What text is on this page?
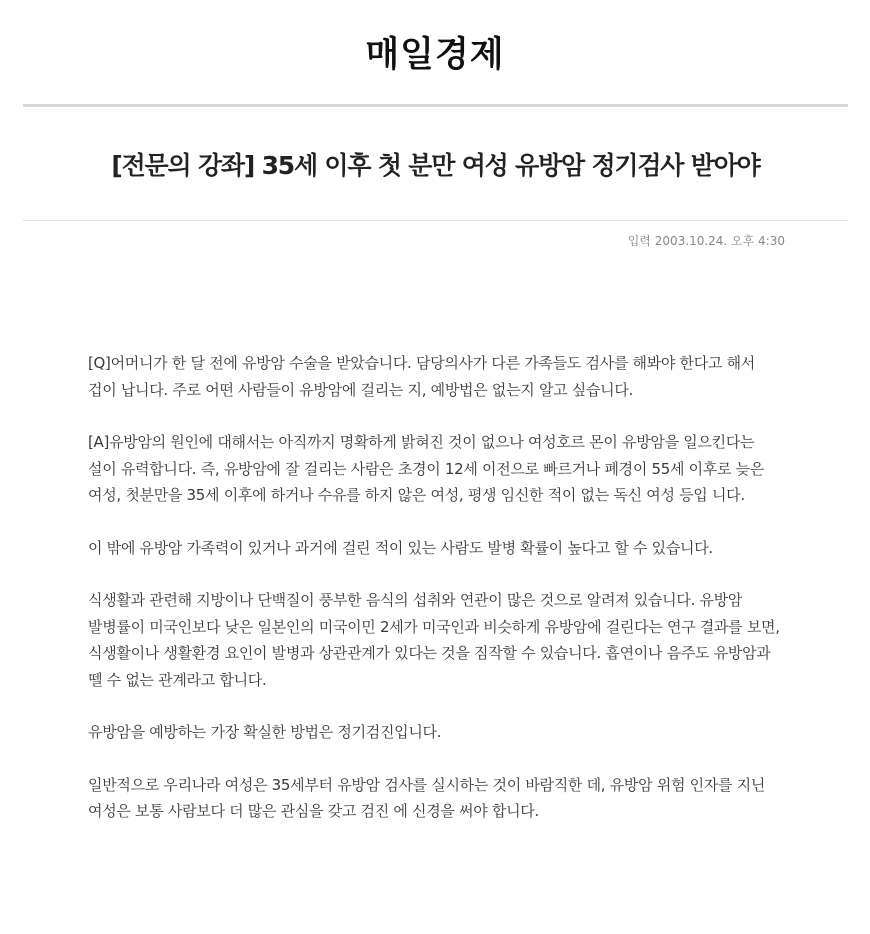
매일경제
[전문의 강좌] 35세 이후 첫 분만 여성 유방암 정기검사 받아야
입력 2003.10.24. 오후 4:30

[Q]어머니가 한 달 전에 유방암 수술을 받았습니다. 담당의사가 다른 가족들도 검사를 해봐야 한다고 해서 겁이 납니다. 주로 어떤 사람들이 유방암에 걸리는 지, 예방법은 없는지 알고 싶습니다.

[A]유방암의 원인에 대해서는 아직까지 명확하게 밝혀진 것이 없으나 여성호르 몬이 유방암을 일으킨다는 설이 유력합니다. 즉, 유방암에 잘 걸리는 사람은 초경이 12세 이전으로 빠르거나 폐경이 55세 이후로 늦은 여성, 첫분만을 35세 이후에 하거나 수유를 하지 않은 여성, 평생 임신한 적이 없는 독신 여성 등입 니다.

이 밖에 유방암 가족력이 있거나 과거에 걸린 적이 있는 사람도 발병 확률이 높다고 할 수 있습니다.

식생활과 관련해 지방이나 단백질이 풍부한 음식의 섭취와 연관이 많은 것으로 알려져 있습니다. 유방암 발병률이 미국인보다 낮은 일본인의 미국이민 2세가 미국인과 비슷하게 유방암에 걸린다는 연구 결과를 보면, 식생활이나 생활환경 요인이 발병과 상관관계가 있다는 것을 짐작할 수 있습니다. 흡연이나 음주도 유방암과 뗄 수 없는 관계라고 합니다.

유방암을 예방하는 가장 확실한 방법은 정기검진입니다.

일반적으로 우리나라 여성은 35세부터 유방암 검사를 실시하는 것이 바람직한 데, 유방암 위험 인자를 지닌 여성은 보통 사람보다 더 많은 관심을 갖고 검진 에 신경을 써야 합니다.
